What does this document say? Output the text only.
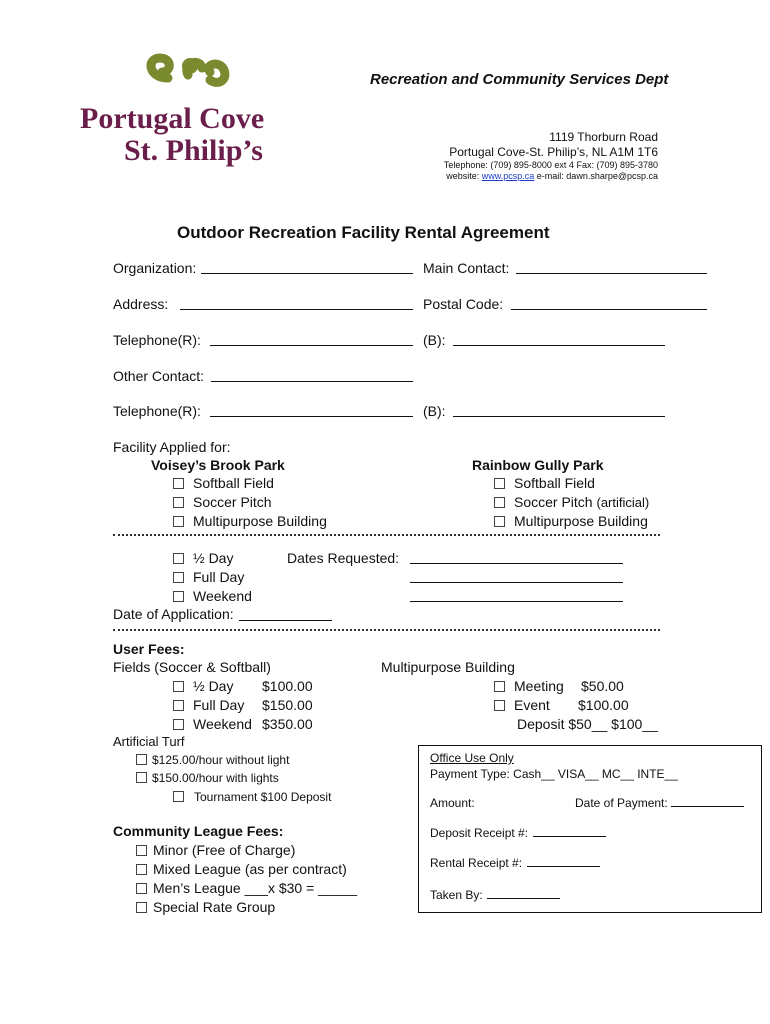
Portugal Cove
St. Philip’s
Recreation and Community Services Dept
1119 Thorburn Road
Portugal Cove-St. Philip’s, NL A1M 1T6
Telephone: (709) 895-8000 ext 4 Fax: (709) 895-3780
website: www.pcsp.ca e-mail: dawn.sharpe@pcsp.ca
Outdoor Recreation Facility Rental Agreement
Organization:	Main Contact:
Address:	Postal Code:
Telephone(R):	(B):
Other Contact:
Telephone(R):	(B):
Facility Applied for:
Voisey’s Brook Park	Rainbow Gully Park
Softball Field
Soccer Pitch
Multipurpose Building
Softball Field
Soccer Pitch (artificial)
Multipurpose Building
½ Day
Full Day
Weekend
Dates Requested:
Date of Application:
User Fees:
Fields (Soccer & Softball)
½ Day $100.00
Full Day $150.00
Weekend $350.00
Multipurpose Building
Meeting $50.00
Event $100.00
Deposit $50__ $100__
Artificial Turf
$125.00/hour without light
$150.00/hour with lights
Tournament $100 Deposit
Community League Fees:
Minor (Free of Charge)
Mixed League (as per contract)
Men’s League ___x $30 = _____
Special Rate Group
Office Use Only
Payment Type: Cash__ VISA__ MC__ INTE__
Amount:	Date of Payment:
Deposit Receipt #:
Rental Receipt #:
Taken By:
